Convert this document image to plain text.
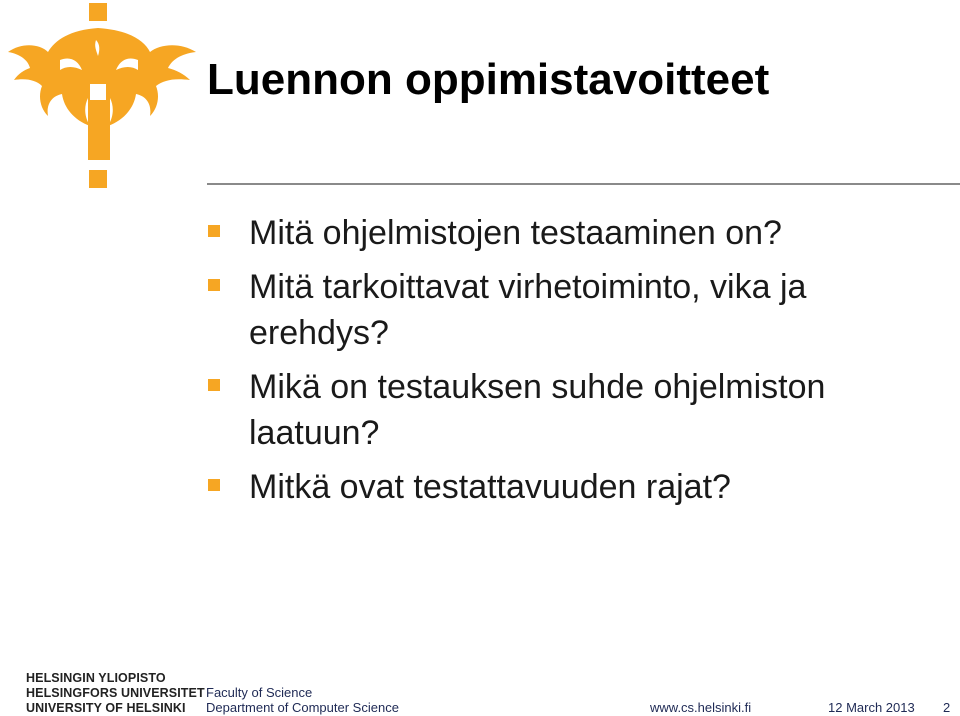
Luennon oppimistavoitteet
Mitä ohjelmistojen testaaminen on?
Mitä tarkoittavat virhetoiminto, vika ja erehdys?
Mikä on testauksen suhde ohjelmiston laatuun?
Mitkä ovat testattavuuden rajat?
HELSINGIN YLIOPISTO
HELSINGFORS UNIVERSITET
UNIVERSITY OF HELSINKI
Faculty of Science
Department of Computer Science	www.cs.helsinki.fi	12 March 2013 2
